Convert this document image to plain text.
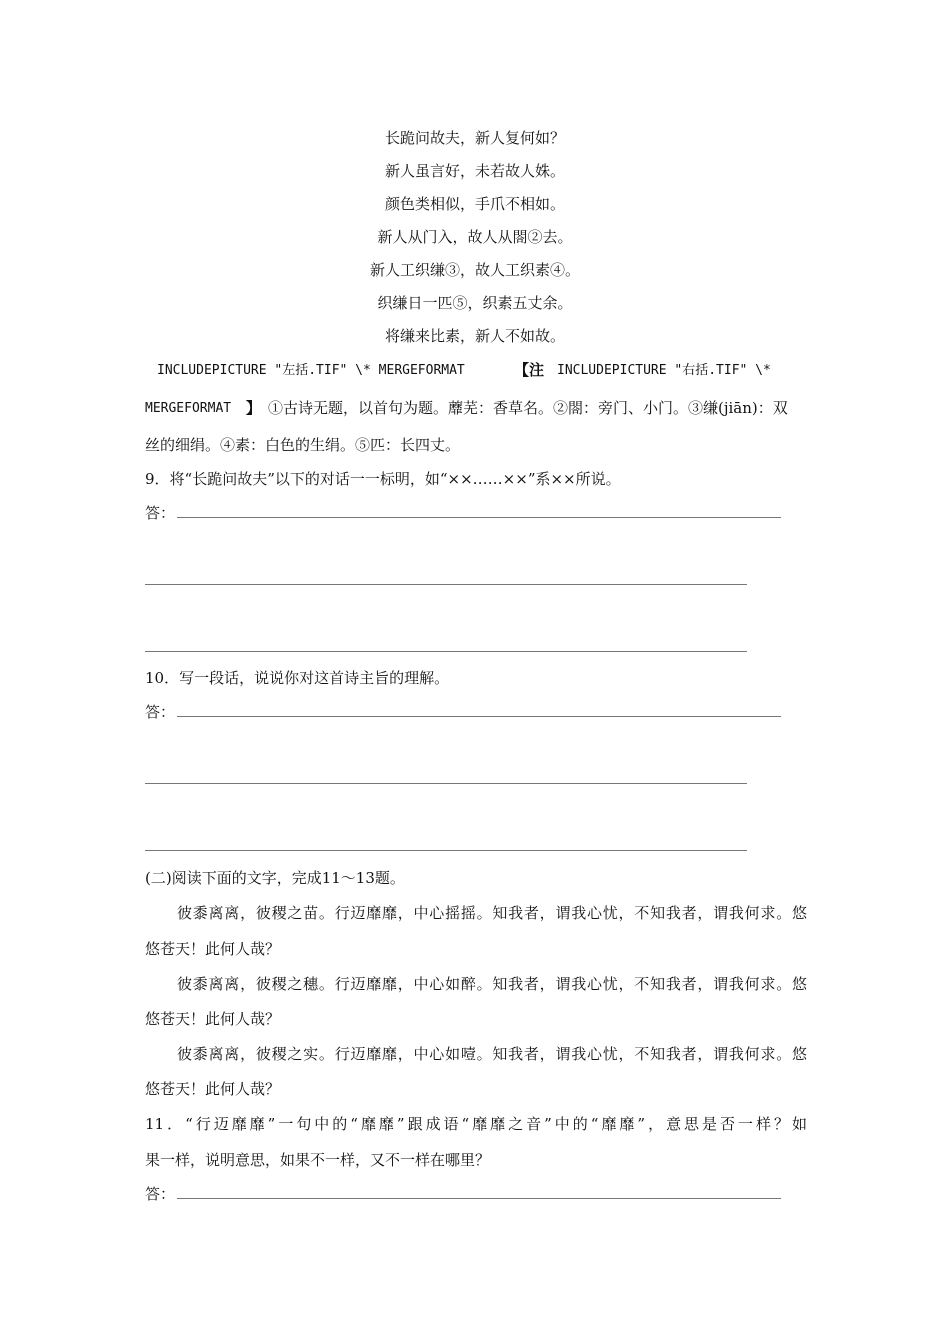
长跪问故夫，新人复何如？
新人虽言好，未若故人姝。
颜色类相似，手爪不相如。
新人从门入，故人从閤②去。
新人工织缣③，故人工织素④。
织缣日一匹⑤，织素五丈余。
将缣来比素，新人不如故。
INCLUDEPICTURE "左括.TIF" \* MERGEFORMAT	【注 INCLUDEPICTURE "右括.TIF" \*
MERGEFORMAT 】 ①古诗无题，以首句为题。蘼芜：香草名。②閤：旁门、小门。③缣(jiān)：双
丝的细绢。④素：白色的生绢。⑤匹：长四丈。
9．将“长跪问故夫”以下的对话一一标明，如“××……××”系××所说。
答：
10．写一段话，说说你对这首诗主旨的理解。
答：
(二)阅读下面的文字，完成11～13题。
彼黍离离，彼稷之苗。行迈靡靡，中心摇摇。知我者，谓我心忧，不知我者，谓我何求。悠
悠苍天！此何人哉？
彼黍离离，彼稷之穗。行迈靡靡，中心如醉。知我者，谓我心忧，不知我者，谓我何求。悠
悠苍天！此何人哉？
彼黍离离，彼稷之实。行迈靡靡，中心如噎。知我者，谓我心忧，不知我者，谓我何求。悠
悠苍天！此何人哉？
11．“行迈靡靡”一句中的“靡靡”跟成语“靡靡之音”中的“靡靡”，意思是否一样？如
果一样，说明意思，如果不一样，又不一样在哪里？
答：
